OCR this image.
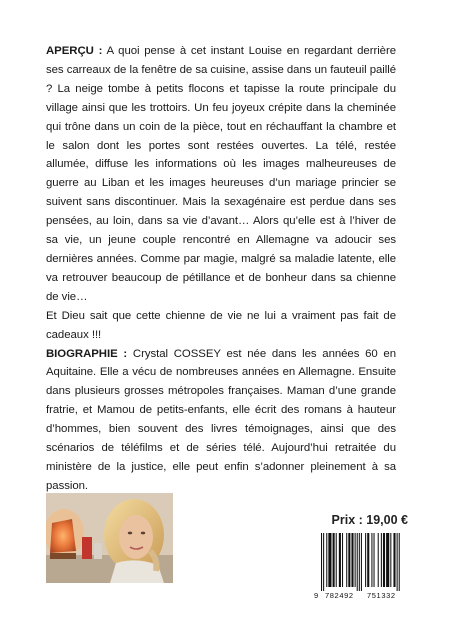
APERÇU : A quoi pense à cet instant Louise en regardant derrière ses carreaux de la fenêtre de sa cuisine, assise dans un fauteuil paillé ? La neige tombe à petits flocons et tapisse la route principale du village ainsi que les trottoirs. Un feu joyeux crépite dans la cheminée qui trône dans un coin de la pièce, tout en réchauffant la chambre et le salon dont les portes sont restées ouvertes. La télé, restée allumée, diffuse les informations où les images malheureuses de guerre au Liban et les images heureuses d’un mariage princier se suivent sans discontinuer. Mais la sexagénaire est perdue dans ses pensées, au loin, dans sa vie d’avant… Alors qu’elle est à l’hiver de sa vie, un jeune couple rencontré en Allemagne va adoucir ses dernières années. Comme par magie, malgré sa maladie latente, elle va retrouver beaucoup de pétillance et de bonheur dans sa chienne de vie…

Et Dieu sait que cette chienne de vie ne lui a vraiment pas fait de cadeaux !!!

BIOGRAPHIE : Crystal COSSEY est née dans les années 60 en Aquitaine. Elle a vécu de nombreuses années en Allemagne. Ensuite dans plusieurs grosses métropoles françaises. Maman d’une grande fratrie, et Mamou de petits-enfants, elle écrit des romans à hauteur d’hommes, bien souvent des livres témoignages, ainsi que des scénarios de téléfilms et de séries télé. Aujourd’hui retraitée du ministère de la justice, elle peut enfin s’adonner pleinement à sa passion.

Prix : 19,00 €
9 782492 751332
